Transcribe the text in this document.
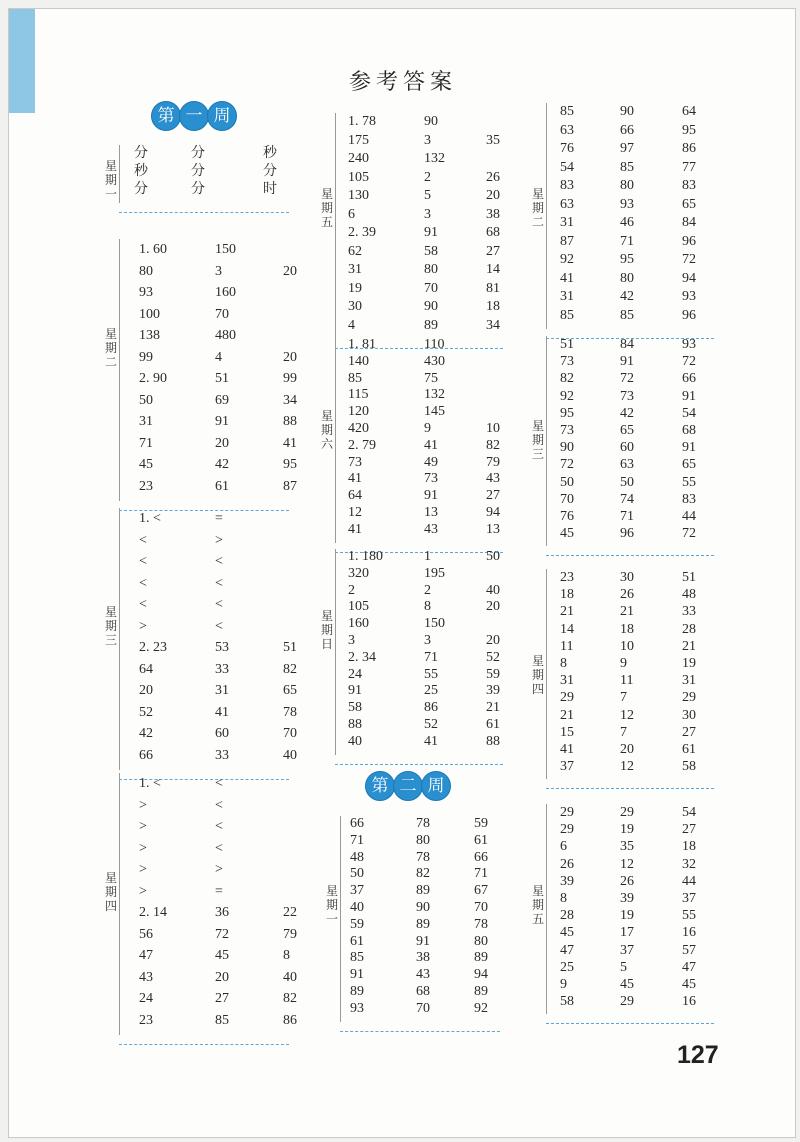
参考答案
星
期
一
分	分	秒
秒	分	分
分	分	时
星
期
二
1. 60	150
80	3	20
93	160
100	70
138	480
99	4	20
2. 90	51	99
50	69	34
31	91	88
71	20	41
45	42	95
23	61	87
星
期
三
1. <	=
<	>
<	<
<	<
<	<
>	<
2. 23	53	51
64	33	82
20	31	65
52	41	78
42	60	70
66	33	40
星
期
四
1. <	<
>	<
>	<
>	<
>	>
>	=
2. 14	36	22
56	72	79
47	45	8
43	20	40
24	27	82
23	85	86
星
期
五
1. 78	90
175	3	35
240	132
105	2	26
130	5	20
6	3	38
2. 39	91	68
62	58	27
31	80	14
19	70	81
30	90	18
4	89	34
星
期
六
1. 81	110
140	430
85	75
115	132
120	145
420	9	10
2. 79	41	82
73	49	79
41	73	43
64	91	27
12	13	94
41	43	13
星
期
日
1. 180	1	50
320	195
2	2	40
105	8	20
160	150
3	3	20
2. 34	71	52
24	55	59
91	25	39
58	86	21
88	52	61
40	41	88
星
期
一
66	78	59
71	80	61
48	78	66
50	82	71
37	89	67
40	90	70
59	89	78
61	91	80
85	38	89
91	43	94
89	68	89
93	70	92
星
期
二
85	90	64
63	66	95
76	97	86
54	85	77
83	80	83
63	93	65
31	46	84
87	71	96
92	95	72
41	80	94
31	42	93
85	85	96
星
期
三
51	84	93
73	91	72
82	72	66
92	73	91
95	42	54
73	65	68
90	60	91
72	63	65
50	50	55
70	74	83
76	71	44
45	96	72
星
期
四
23	30	51
18	26	48
21	21	33
14	18	28
11	10	21
8	9	19
31	11	31
29	7	29
21	12	30
15	7	27
41	20	61
37	12	58
星
期
五
29	29	54
29	19	27
6	35	18
26	12	32
39	26	44
8	39	37
28	19	55
45	17	16
47	37	57
25	5	47
9	45	45
58	29	16
127
第 一 周
第 二 周
